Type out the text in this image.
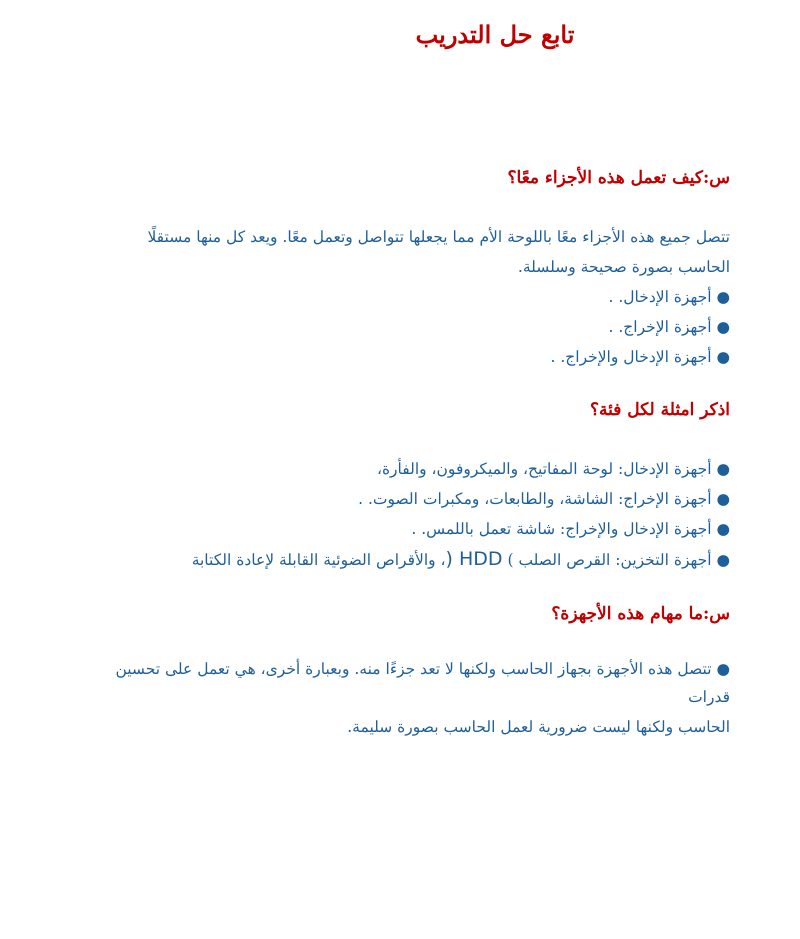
تابع حل التدريب
س:كيف تعمل هذه الأجزاء معًا؟
تتصل جميع هذه الأجزاء معًا باللوحة الأم مما يجعلها تتواصل وتعمل معًا. ويعد كل منها مستقلًا
الحاسب بصورة صحيحة وسلسلة.
● أجهزة الإدخال. .
● أجهزة الإخراج. .
● أجهزة الإدخال والإخراج. .
اذكر امثلة لكل فئة؟
● أجهزة الإدخال: لوحة المفاتيح، والميكروفون، والفأرة،
● أجهزة الإخراج: الشاشة، والطابعات، ومكبرات الصوت. .
● أجهزة الإدخال والإخراج: شاشة تعمل باللمس. .
● أجهزة التخزين: القرص الصلب ) ) HDD، والأقراص الضوئية القابلة لإعادة الكتابة
س:ما مهام هذه الأجهزة؟
● تتصل هذه الأجهزة بجهاز الحاسب ولكنها لا تعد جزءًا منه. وبعبارة أخرى، هي تعمل على تحسين
قدرات
الحاسب ولكنها ليست ضرورية لعمل الحاسب بصورة سليمة.
